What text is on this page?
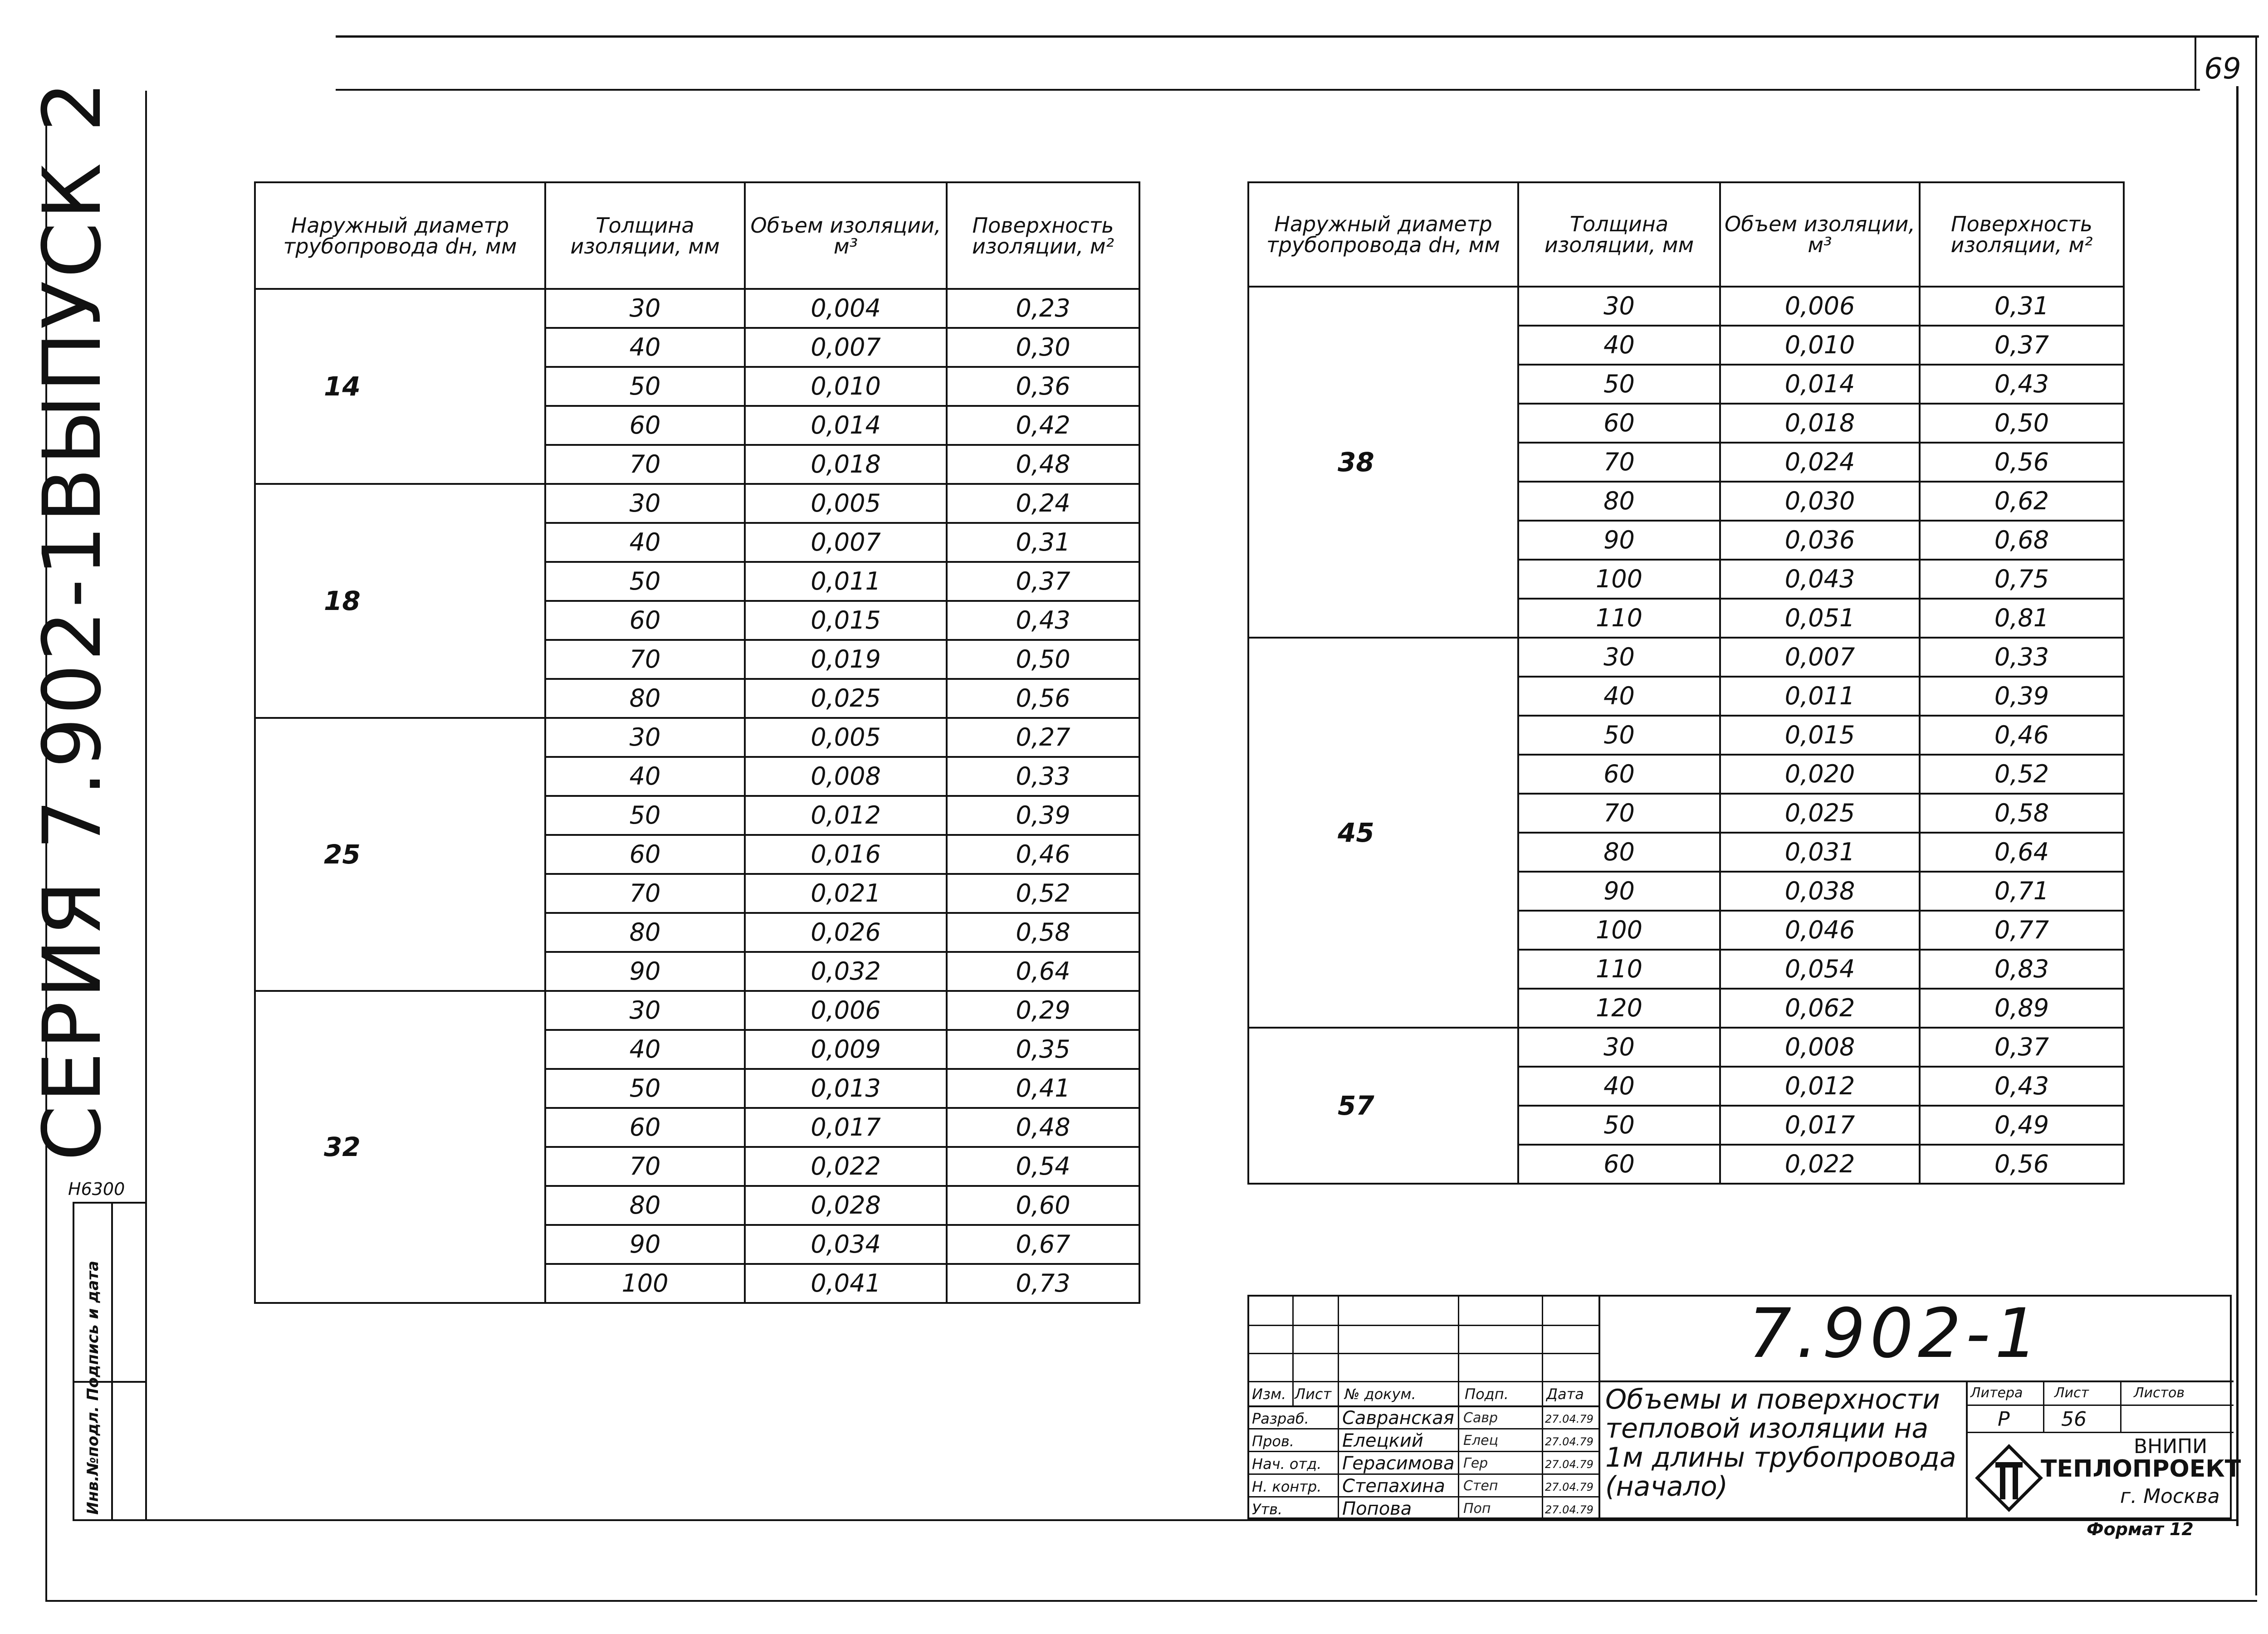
69
СЕРИЯ 7.902-1
ВЫПУСК 2
Н6300
Инв.№подл. Подпись и дата
Наружный диаметр трубопровода dн, мм	Толщина изоляции, мм	Объем изоляции, м³	Поверхность изоляции, м²
14	30	0,004	0,23
	40	0,007	0,30
	50	0,010	0,36
	60	0,014	0,42
	70	0,018	0,48
18	30	0,005	0,24
	40	0,007	0,31
	50	0,011	0,37
	60	0,015	0,43
	70	0,019	0,50
	80	0,025	0,56
25	30	0,005	0,27
	40	0,008	0,33
	50	0,012	0,39
	60	0,016	0,46
	70	0,021	0,52
	80	0,026	0,58
	90	0,032	0,64
32	30	0,006	0,29
	40	0,009	0,35
	50	0,013	0,41
	60	0,017	0,48
	70	0,022	0,54
	80	0,028	0,60
	90	0,034	0,67
	100	0,041	0,73
Наружный диаметр трубопровода dн, мм	Толщина изоляции, мм	Объем изоляции, м³	Поверхность изоляции, м²
38	30	0,006	0,31
	40	0,010	0,37
	50	0,014	0,43
	60	0,018	0,50
	70	0,024	0,56
	80	0,030	0,62
	90	0,036	0,68
	100	0,043	0,75
	110	0,051	0,81
45	30	0,007	0,33
	40	0,011	0,39
	50	0,015	0,46
	60	0,020	0,52
	70	0,025	0,58
	80	0,031	0,64
	90	0,038	0,71
	100	0,046	0,77
	110	0,054	0,83
	120	0,062	0,89
57	30	0,008	0,37
	40	0,012	0,43
	50	0,017	0,49
	60	0,022	0,56
Изм. Лист № докум.	Подп.	Дата
Разраб. Савранская Савр	27.04.79
Пров.	Елецкий	Елец	27.04.79
Нач. отд. Герасимова Гер	27.04.79
Н. контр. Степахина Степ	27.04.79
Утв.	Попова	Поп	27.04.79
7.902-1
Объемы и поверхности тепловой изоляции на 1м длины трубопровода (начало)
Литера Лист	Листов
Р	56
ВНИПИ
ТЕПЛОПРОЕКТ
г. Москва
Формат 12
